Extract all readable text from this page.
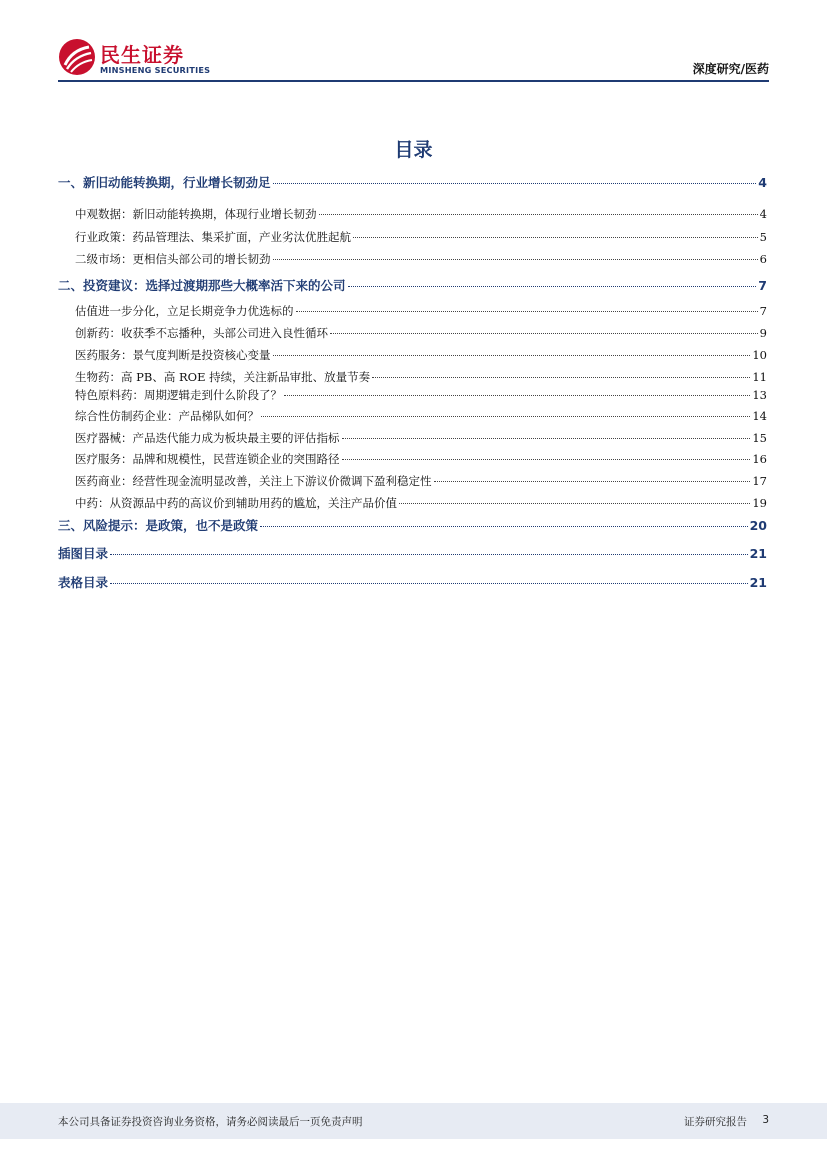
民生证券
MINSHENG SECURITIES	深度研究/医药
目录
一、新旧动能转换期，行业增长韧劲足	4
中观数据：新旧动能转换期，体现行业增长韧劲	4
行业政策：药品管理法、集采扩面，产业劣汰优胜起航	5
二级市场：更相信头部公司的增长韧劲	6
二、投资建议：选择过渡期那些大概率活下来的公司	7
估值进一步分化，立足长期竞争力优选标的	7
创新药：收获季不忘播种，头部公司进入良性循环	9
医药服务：景气度判断是投资核心变量	10
生物药：高 PB、高 ROE 持续，关注新品审批、放量节奏	11
特色原料药：周期逻辑走到什么阶段了？	13
综合性仿制药企业：产品梯队如何？	14
医疗器械：产品迭代能力成为板块最主要的评估指标	15
医疗服务：品牌和规模性，民营连锁企业的突围路径	16
医药商业：经营性现金流明显改善，关注上下游议价微调下盈利稳定性	17
中药：从资源品中药的高议价到辅助用药的尴尬，关注产品价值	19
三、风险提示：是政策，也不是政策	20
插图目录	21
表格目录	21
本公司具备证券投资咨询业务资格，请务必阅读最后一页免责声明	证券研究报告 3
